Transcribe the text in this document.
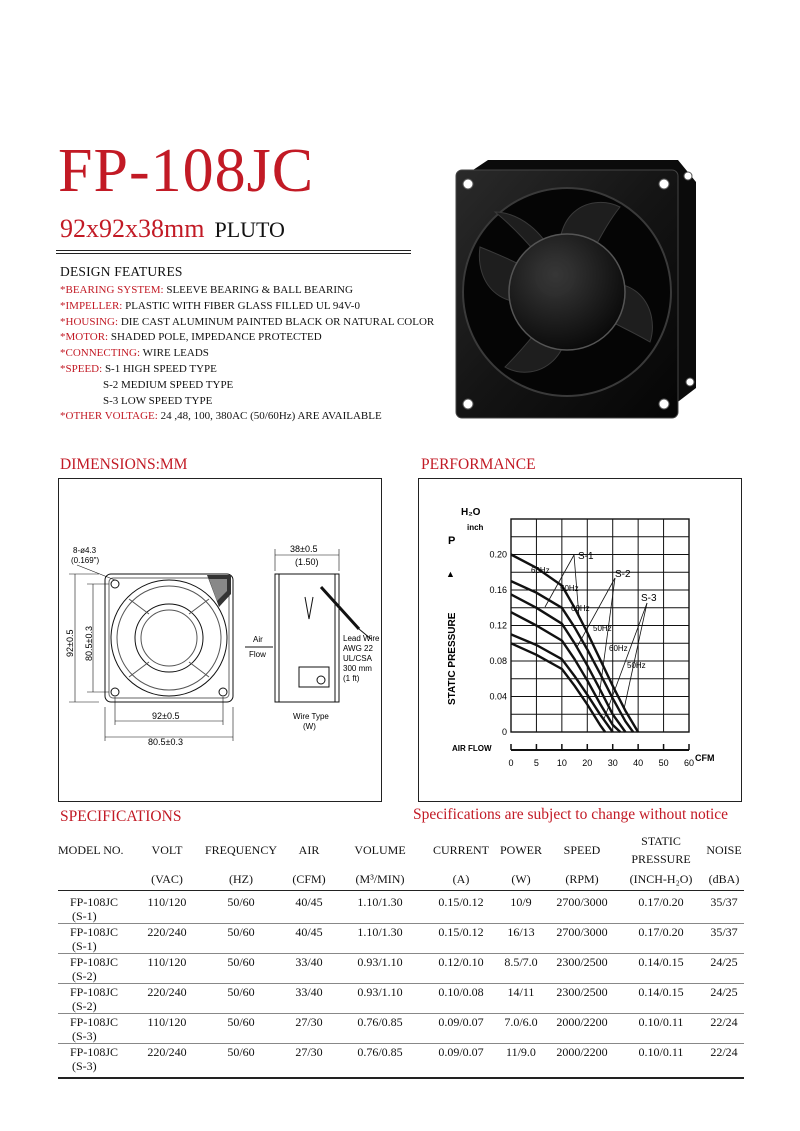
FP-108JC
92x92x38mm PLUTO
DESIGN FEATURES
*BEARING SYSTEM: SLEEVE BEARING & BALL BEARING
*IMPELLER: PLASTIC WITH FIBER GLASS FILLED UL 94V-0
*HOUSING: DIE CAST ALUMINUM PAINTED BLACK OR NATURAL COLOR
*MOTOR: SHADED POLE, IMPEDANCE PROTECTED
*CONNECTING: WIRE LEADS
*SPEED: S-1 HIGH SPEED TYPE
S-2 MEDIUM SPEED TYPE
S-3 LOW SPEED TYPE
*OTHER VOLTAGE: 24 ,48, 100, 380AC (50/60Hz) ARE AVAILABLE
DIMENSIONS:MM	PERFORMANCE
8-ø4.3
(0.169")
38±0.5
(1.50)
92±0.5 80.5±0.3
92±0.5
80.5±0.3
Air
Flow
Lead Wire
AWG 22
UL/CSA
300 mm
(1 ft)
Wire Type
(W)
H₂O
inch
P
▲
STATIC PRESSURE
AIR FLOW
CFM
0 5 10 20 30 40 50 60
0
0.04
0.08
0.12
0.16
0.20	S-1
S-2
S-3
60Hz
50Hz
60Hz
50Hz
60Hz
50Hz
SPECIFICATIONS	Specifications are subject to change without notice
MODEL NO.	VOLT	FREQUENCY	AIR	VOLUME	CURRENT	POWER	SPEED	STATIC PRESSURE	NOISE
	(VAC)	(HZ)	(CFM)	(M³/MIN)	(A)	(W)	(RPM)	(INCH-H₂O)	(dBA)

FP-108JC
(S-1)	110/120	50/60	40/45	1.10/1.30	0.15/0.12	10/9	2700/3000	0.17/0.20	35/37

FP-108JC
(S-1)	220/240	50/60	40/45	1.10/1.30	0.15/0.12	16/13	2700/3000	0.17/0.20	35/37

FP-108JC
(S-2)	110/120	50/60	33/40	0.93/1.10	0.12/0.10	8.5/7.0	2300/2500	0.14/0.15	24/25

FP-108JC
(S-2)	220/240	50/60	33/40	0.93/1.10	0.10/0.08	14/11	2300/2500	0.14/0.15	24/25

FP-108JC
(S-3)	110/120	50/60	27/30	0.76/0.85	0.09/0.07	7.0/6.0	2000/2200	0.10/0.11	22/24

FP-108JC
(S-3)	220/240	50/60	27/30	0.76/0.85	0.09/0.07	11/9.0	2000/2200	0.10/0.11	22/24
